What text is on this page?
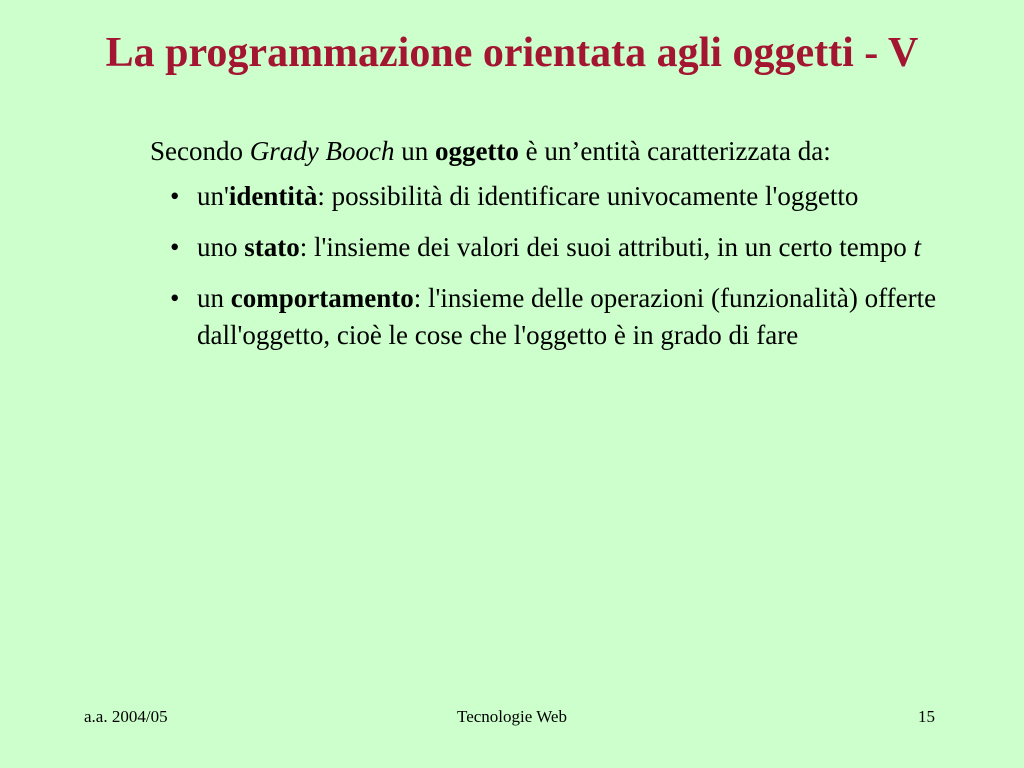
La programmazione orientata agli oggetti - V

Secondo Grady Booch un oggetto è un’entità caratterizzata da:

• un'identità: possibilità di identificare univocamente l'oggetto
• uno stato: l'insieme dei valori dei suoi attributi, in un certo tempo t
• un comportamento: l'insieme delle operazioni (funzionalità) offerte dall'oggetto, cioè le cose che l'oggetto è in grado di fare
a.a. 2004/05	Tecnologie Web	15
